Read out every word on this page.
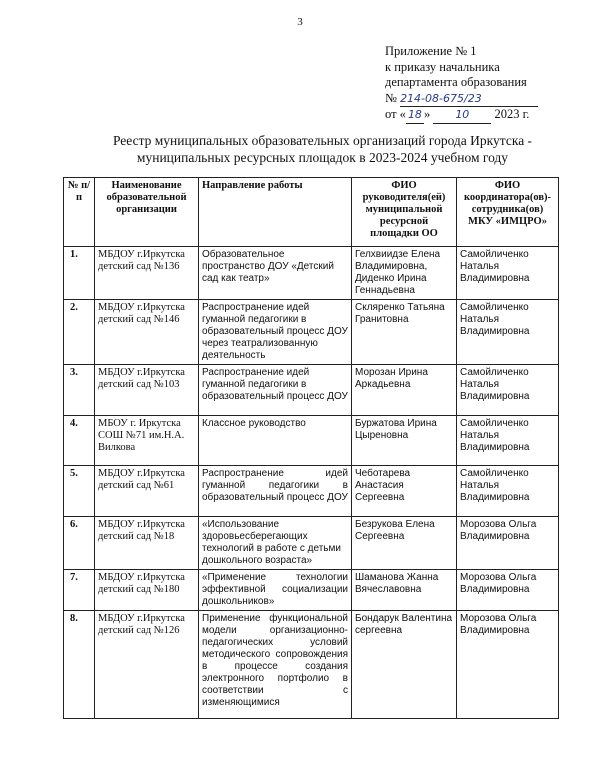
3
Приложение № 1
к приказу начальника
департамента образования
№ 214-08-675/23
от « 18 » 10 2023 г.
Реестр муниципальных образовательных организаций города Иркутска -
муниципальных ресурсных площадок в 2023-2024 учебном году
№ п/п	Наименование образовательной организации	Направление работы	ФИО руководителя(ей) муниципальной ресурсной площадки ОО	ФИО координатора(ов)-сотрудника(ов) МКУ «ИМЦРО»
1.	МБДОУ г.Иркутска детский сад №136	Образовательное пространство ДОУ «Детский сад как театр»	Гелхвиидзе Елена Владимировна, Диденко Ирина Геннадьевна	Самойличенко Наталья Владимировна
2.	МБДОУ г.Иркутска детский сад №146	Распространение идей гуманной педагогики в образовательный процесс ДОУ через театрализованную деятельность	Скляренко Татьяна Гранитовна	Самойличенко Наталья Владимировна
3.	МБДОУ г.Иркутска детский сад №103	Распространение идей гуманной педагогики в образовательный процесс ДОУ	Морозан Ирина Аркадьевна	Самойличенко Наталья Владимировна
4.	МБОУ г. Иркутска СОШ №71 им.Н.А. Вилкова	Классное руководство	Буржатова Ирина Цыреновна	Самойличенко Наталья Владимировна
5.	МБДОУ г.Иркутска детский сад №61	Распространение идей гуманной педагогики в образовательный процесс ДОУ	Чеботарева Анастасия Сергеевна	Самойличенко Наталья Владимировна
6.	МБДОУ г.Иркутска детский сад №18	«Использование здоровьесберегающих технологий в работе с детьми дошкольного возраста»	Безрукова Елена Сергеевна	Морозова Ольга Владимировна
7.	МБДОУ г.Иркутска детский сад №180	«Применение технологии эффективной социализации дошкольников»	Шаманова Жанна Вячеславовна	Морозова Ольга Владимировна
8.	МБДОУ г.Иркутска детский сад №126	Применение функциональной модели организационно-педагогических условий методического сопровождения в процессе создания электронного портфолио в соответствии с изменяющимися	Бондарук Валентина сергеевна	Морозова Ольга Владимировна
